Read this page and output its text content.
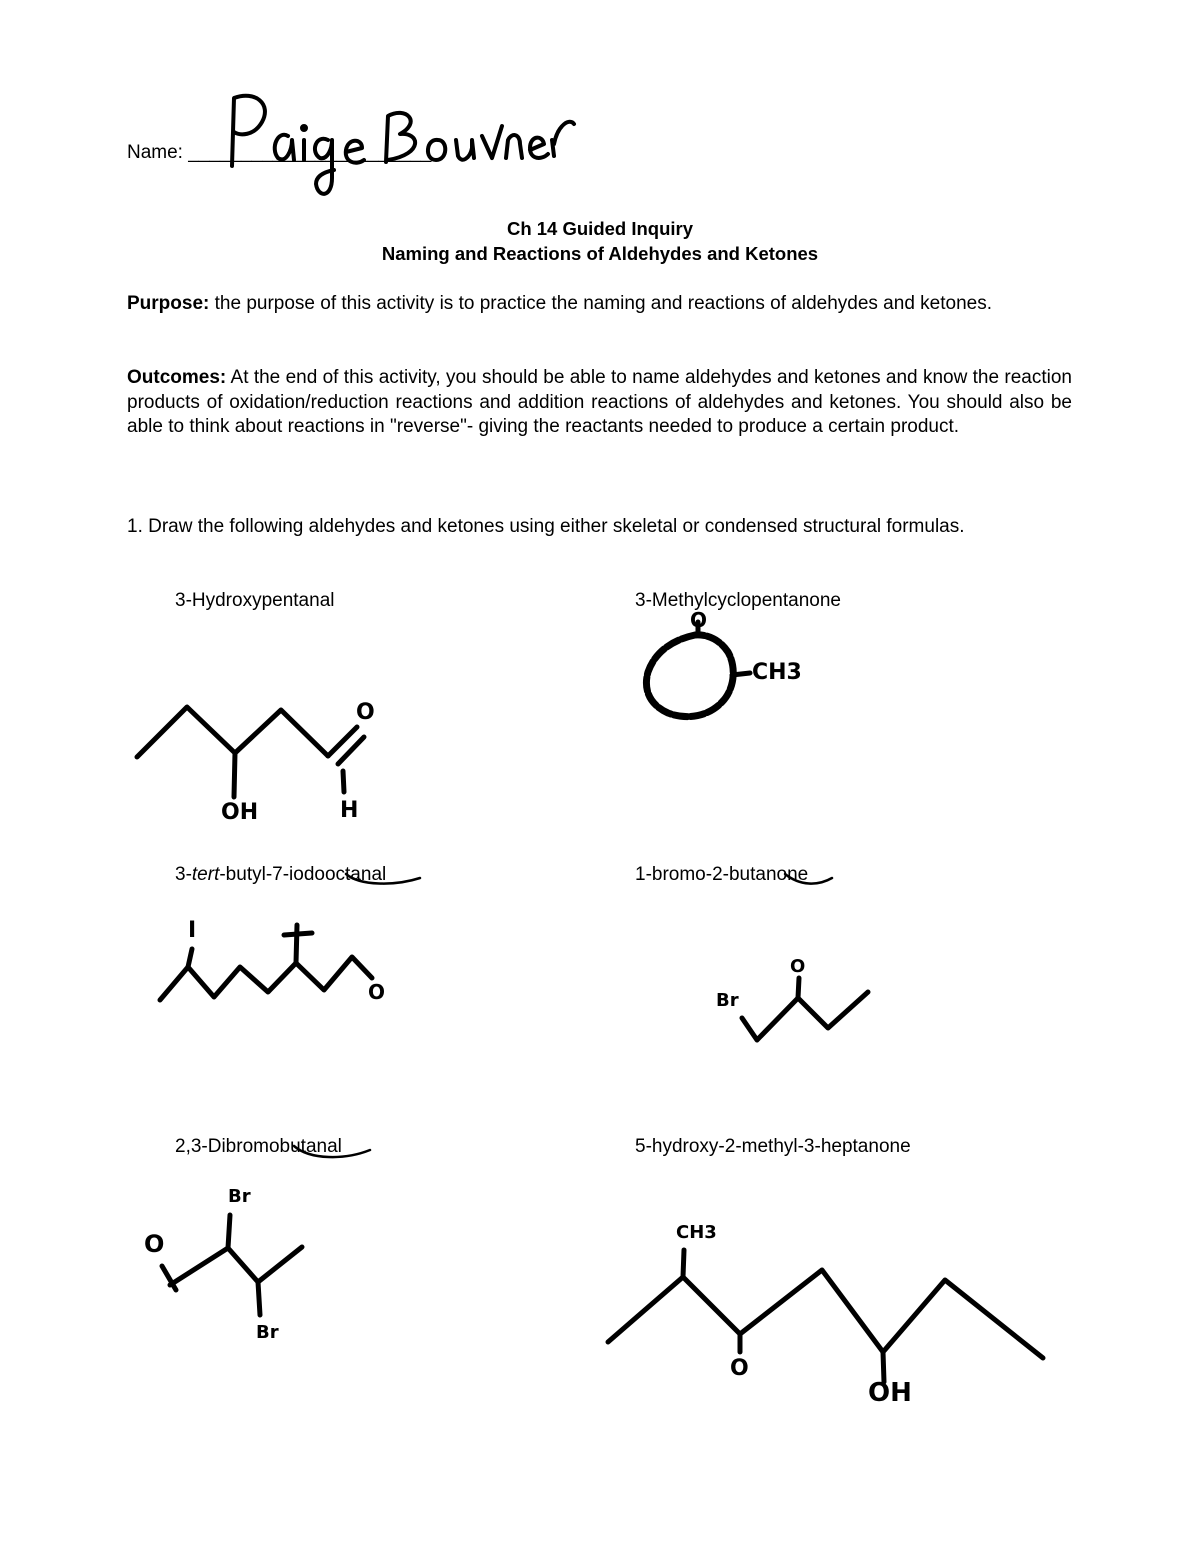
Name: _______________________
Ch 14 Guided Inquiry
Naming and Reactions of Aldehydes and Ketones
Purpose: the purpose of this activity is to practice the naming and reactions of aldehydes and ketones.
Outcomes: At the end of this activity, you should be able to name aldehydes and ketones and know the reaction products of oxidation/reduction reactions and addition reactions of aldehydes and ketones. You should also be able to think about reactions in "reverse"- giving the reactants needed to produce a certain product.
1. Draw the following aldehydes and ketones using either skeletal or condensed structural formulas.
3-Hydroxypentanal	3-Methylcyclopentanone
3-tert-butyl-7-iodooctanal	1-bromo-2-butanone
2,3-Dibromobutanal	5-hydroxy-2-methyl-3-heptanone
O
OH	H
O
CH3
I
O
O
Br
O
Br
Br
CH3
O
OH
